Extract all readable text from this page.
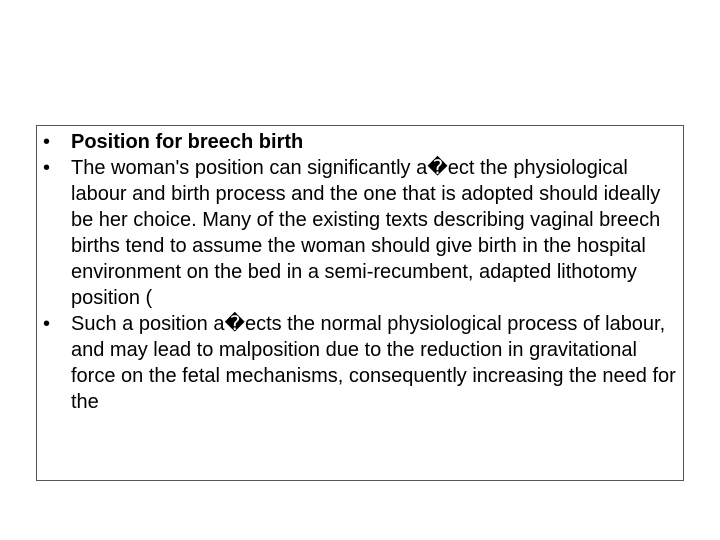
•	Position for breech birth
•	The woman's position can significantly a�ect the physiological labour and birth process and the one that is adopted should ideally be her choice. Many of the existing texts describing vaginal breech births tend to assume the woman should give birth in the hospital environment on the bed in a semi-recumbent, adapted lithotomy position (
•	Such a position a�ects the normal physiological process of labour, and may lead to malposition due to the reduction in gravitational force on the fetal mechanisms, consequently increasing the need for the
